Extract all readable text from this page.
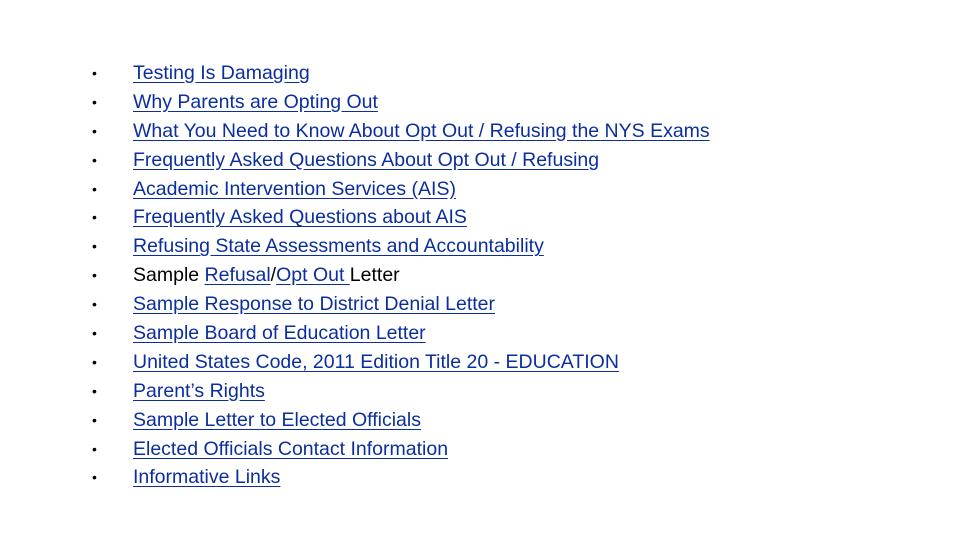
•	Testing Is Damaging
•	Why Parents are Opting Out
•	What You Need to Know About Opt Out / Refusing the NYS Exams
•	Frequently Asked Questions About Opt Out / Refusing
•	Academic Intervention Services (AIS)
•	Frequently Asked Questions about AIS
•	Refusing State Assessments and Accountability
•	Sample Refusal/Opt Out Letter
•	Sample Response to District Denial Letter
•	Sample Board of Education Letter
•	United States Code, 2011 Edition Title 20 - EDUCATION
•	Parent’s Rights
•	Sample Letter to Elected Officials
•	Elected Officials Contact Information
•	Informative Links
